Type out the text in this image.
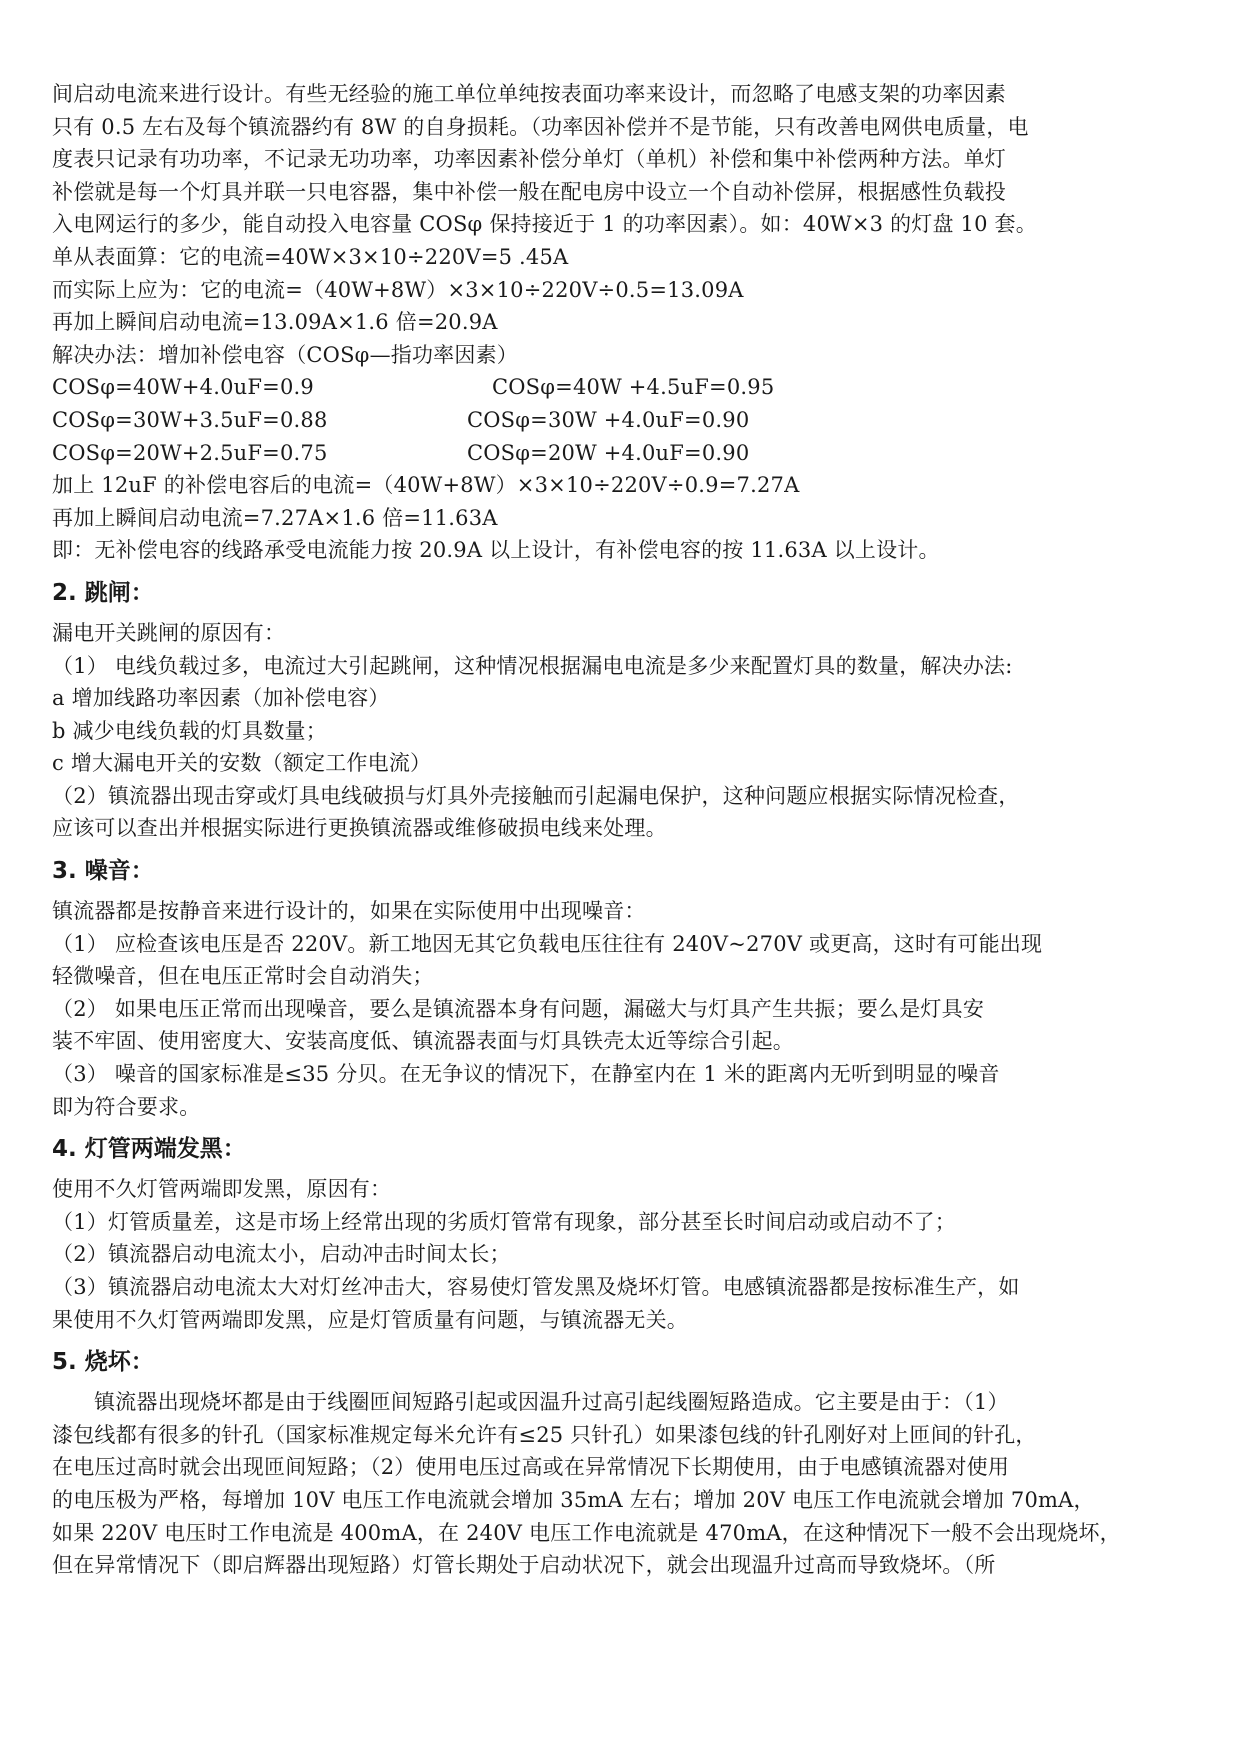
间启动电流来进行设计。有些无经验的施工单位单纯按表面功率来设计，而忽略了电感支架的功率因素
只有 0.5 左右及每个镇流器约有 8W 的自身损耗。（功率因补偿并不是节能，只有改善电网供电质量，电
度表只记录有功功率，不记录无功功率，功率因素补偿分单灯（单机）补偿和集中补偿两种方法。单灯
补偿就是每一个灯具并联一只电容器，集中补偿一般在配电房中设立一个自动补偿屏，根据感性负载投
入电网运行的多少，能自动投入电容量 COSφ 保持接近于 1 的功率因素）。如：40W×3 的灯盘 10 套。
单从表面算：它的电流=40W×3×10÷220V=5 .45A
而实际上应为：它的电流=（40W+8W）×3×10÷220V÷0.5=13.09A
再加上瞬间启动电流=13.09A×1.6 倍=20.9A
解决办法：增加补偿电容（COSφ—指功率因素）
COSφ=40W+4.0uF=0.9	COSφ=40W +4.5uF=0.95
COSφ=30W+3.5uF=0.88	COSφ=30W +4.0uF=0.90
COSφ=20W+2.5uF=0.75	COSφ=20W +4.0uF=0.90
加上 12uF 的补偿电容后的电流=（40W+8W）×3×10÷220V÷0.9=7.27A
再加上瞬间启动电流=7.27A×1.6 倍=11.63A
即：无补偿电容的线路承受电流能力按 20.9A 以上设计，有补偿电容的按 11.63A 以上设计。
2. 跳闸：
漏电开关跳闸的原因有：
（1） 电线负载过多，电流过大引起跳闸，这种情况根据漏电电流是多少来配置灯具的数量，解决办法:
a 增加线路功率因素（加补偿电容）
b 减少电线负载的灯具数量；
c 增大漏电开关的安数（额定工作电流）
（2）镇流器出现击穿或灯具电线破损与灯具外壳接触而引起漏电保护，这种问题应根据实际情况检查，
应该可以查出并根据实际进行更换镇流器或维修破损电线来处理。
3. 噪音：
镇流器都是按静音来进行设计的，如果在实际使用中出现噪音：
（1） 应检查该电压是否 220V。新工地因无其它负载电压往往有 240V~270V 或更高，这时有可能出现
轻微噪音，但在电压正常时会自动消失；
（2） 如果电压正常而出现噪音，要么是镇流器本身有问题，漏磁大与灯具产生共振；要么是灯具安
装不牢固、使用密度大、安装高度低、镇流器表面与灯具铁壳太近等综合引起。
（3） 噪音的国家标准是≤35 分贝。在无争议的情况下，在静室内在 1 米的距离内无听到明显的噪音
即为符合要求。
4. 灯管两端发黑：
使用不久灯管两端即发黑，原因有：
（1）灯管质量差，这是市场上经常出现的劣质灯管常有现象，部分甚至长时间启动或启动不了；
（2）镇流器启动电流太小，启动冲击时间太长；
（3）镇流器启动电流太大对灯丝冲击大，容易使灯管发黑及烧坏灯管。电感镇流器都是按标准生产，如
果使用不久灯管两端即发黑，应是灯管质量有问题，与镇流器无关。
5. 烧坏：
镇流器出现烧坏都是由于线圈匝间短路引起或因温升过高引起线圈短路造成。它主要是由于：（1）
漆包线都有很多的针孔（国家标准规定每米允许有≤25 只针孔）如果漆包线的针孔刚好对上匝间的针孔，
在电压过高时就会出现匝间短路；（2）使用电压过高或在异常情况下长期使用，由于电感镇流器对使用
的电压极为严格，每增加 10V 电压工作电流就会增加 35mA 左右；增加 20V 电压工作电流就会增加 70mA，
如果 220V 电压时工作电流是 400mA，在 240V 电压工作电流就是 470mA，在这种情况下一般不会出现烧坏，
但在异常情况下（即启辉器出现短路）灯管长期处于启动状况下，就会出现温升过高而导致烧坏。（所
